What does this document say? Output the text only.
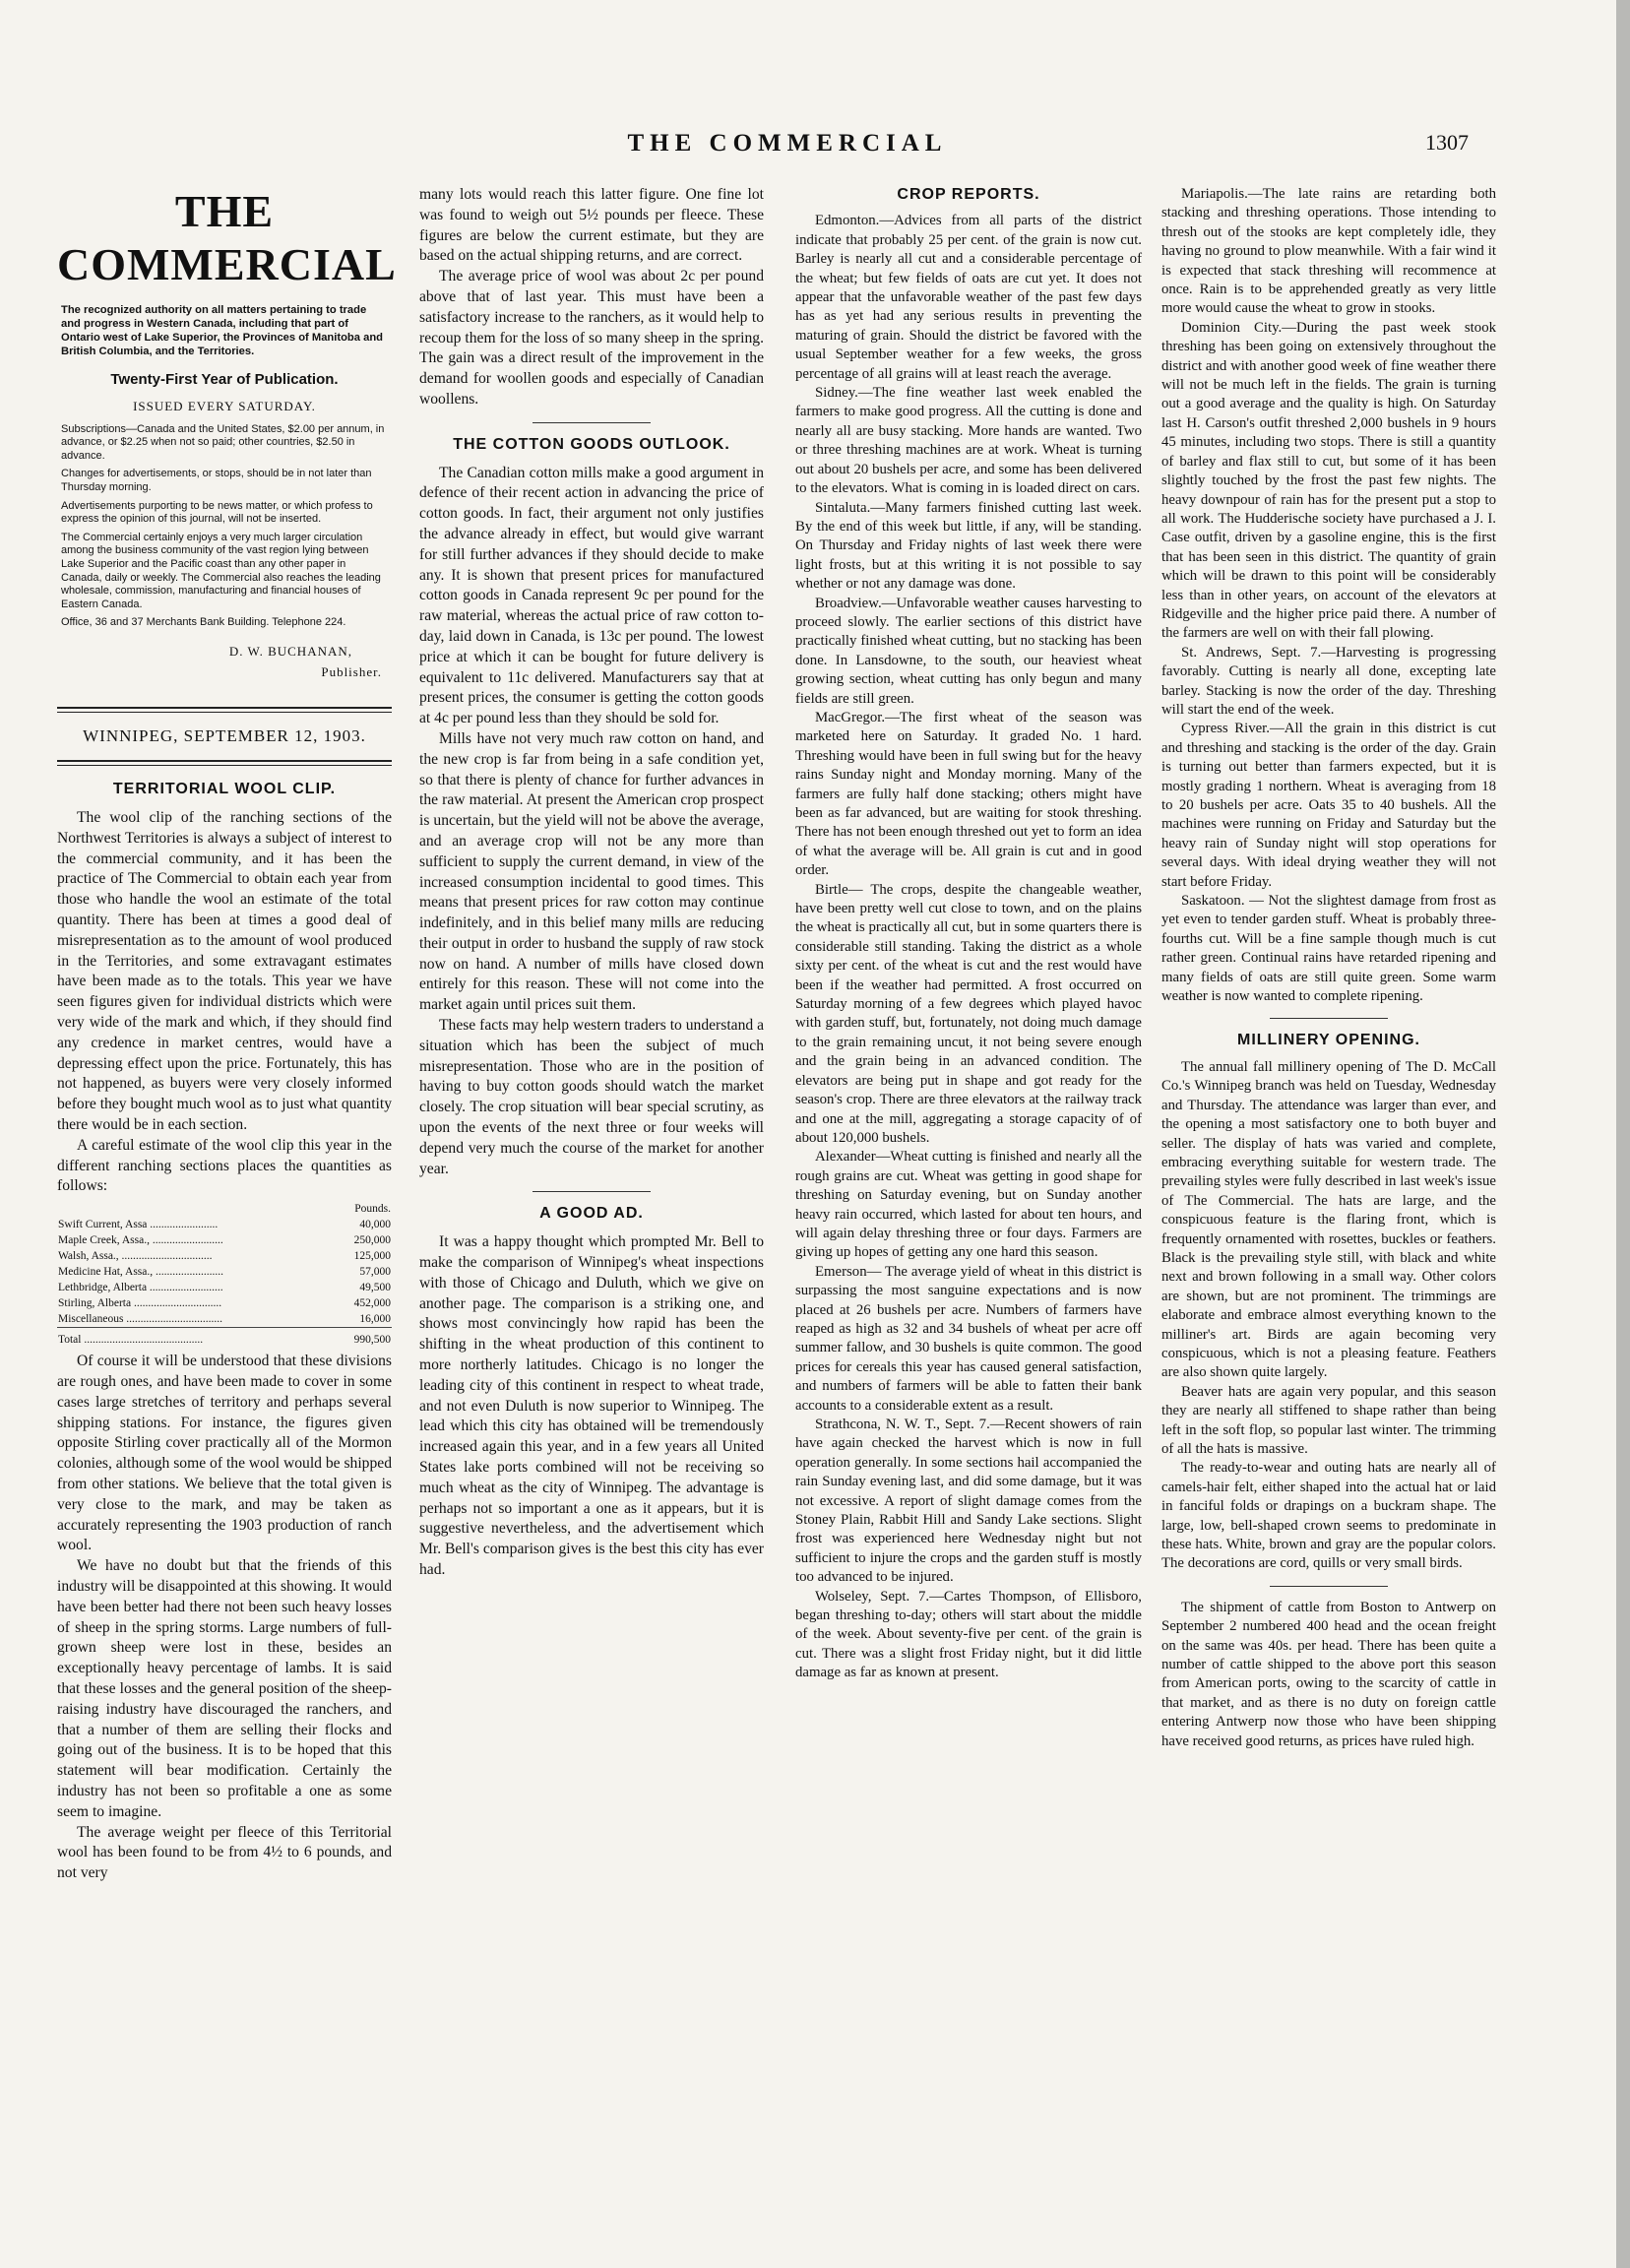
THE COMMERCIAL	1307
THE COMMERCIAL
The recognized authority on all matters pertaining to trade and progress in Western Canada, including that part of Ontario west of Lake Superior, the Provinces of Manitoba and British Columbia, and the Territories.
Twenty-First Year of Publication.
ISSUED EVERY SATURDAY.
Subscriptions—Canada and the United States, $2.00 per annum, in advance, or $2.25 when not so paid; other countries, $2.50 in advance.
Changes for advertisements, or stops, should be in not later than Thursday morning.
Advertisements purporting to be news matter, or which profess to express the opinion of this journal, will not be inserted.
The Commercial certainly enjoys a very much larger circulation among the business community of the vast region lying between Lake Superior and the Pacific coast than any other paper in Canada, daily or weekly. The Commercial also reaches the leading wholesale, commission, manufacturing and financial houses of Eastern Canada.
Office, 36 and 37 Merchants Bank Building. Telephone 224.
D. W. BUCHANAN,
Publisher.
WINNIPEG, SEPTEMBER 12, 1903.
TERRITORIAL WOOL CLIP.

The wool clip of the ranching sections of the Northwest Territories is always a subject of interest to the commercial community, and it has been the practice of The Commercial to obtain each year from those who handle the wool an estimate of the total quantity. There has been at times a good deal of misrepresentation as to the amount of wool produced in the Territories, and some extravagant estimates have been made as to the totals. This year we have seen figures given for individual districts which were very wide of the mark and which, if they should find any credence in market centres, would have a depressing effect upon the price. Fortunately, this has not happened, as buyers were very closely informed before they bought much wool as to just what quantity there would be in each section.

A careful estimate of the wool clip this year in the different ranching sections places the quantities as follows:

	Pounds.
Swift Current, Assa ........................	40,000
Maple Creek, Assa., .........................	250,000
Walsh, Assa., ................................	125,000
Medicine Hat, Assa., ........................	57,000
Lethbridge, Alberta ..........................	49,500
Stirling, Alberta ...............................	452,000
Miscellaneous ..................................	16,000
Total ..........................................	990,500

Of course it will be understood that these divisions are rough ones, and have been made to cover in some cases large stretches of territory and perhaps several shipping stations. For instance, the figures given opposite Stirling cover practically all of the Mormon colonies, although some of the wool would be shipped from other stations. We believe that the total given is very close to the mark, and may be taken as accurately representing the 1903 production of ranch wool.

We have no doubt but that the friends of this industry will be disappointed at this showing. It would have been better had there not been such heavy losses of sheep in the spring storms. Large numbers of full-grown sheep were lost in these, besides an exceptionally heavy percentage of lambs. It is said that these losses and the general position of the sheep-raising industry have discouraged the ranchers, and that a number of them are selling their flocks and going out of the business. It is to be hoped that this statement will bear modification. Certainly the industry has not been so profitable a one as some seem to imagine.

The average weight per fleece of this Territorial wool has been found to be from 4½ to 6 pounds, and not very

many lots would reach this latter figure. One fine lot was found to weigh out 5½ pounds per fleece. These figures are below the current estimate, but they are based on the actual shipping returns, and are correct.

The average price of wool was about 2c per pound above that of last year. This must have been a satisfactory increase to the ranchers, as it would help to recoup them for the loss of so many sheep in the spring. The gain was a direct result of the improvement in the demand for woollen goods and especially of Canadian woollens.

THE COTTON GOODS OUTLOOK.

The Canadian cotton mills make a good argument in defence of their recent action in advancing the price of cotton goods. In fact, their argument not only justifies the advance already in effect, but would give warrant for still further advances if they should decide to make any. It is shown that present prices for manufactured cotton goods in Canada represent 9c per pound for the raw material, whereas the actual price of raw cotton to-day, laid down in Canada, is 13c per pound. The lowest price at which it can be bought for future delivery is equivalent to 11c delivered. Manufacturers say that at present prices, the consumer is getting the cotton goods at 4c per pound less than they should be sold for.

Mills have not very much raw cotton on hand, and the new crop is far from being in a safe condition yet, so that there is plenty of chance for further advances in the raw material. At present the American crop prospect is uncertain, but the yield will not be above the average, and an average crop will not be any more than sufficient to supply the current demand, in view of the increased consumption incidental to good times. This means that present prices for raw cotton may continue indefinitely, and in this belief many mills are reducing their output in order to husband the supply of raw stock now on hand. A number of mills have closed down entirely for this reason. These will not come into the market again until prices suit them.

These facts may help western traders to understand a situation which has been the subject of much misrepresentation. Those who are in the position of having to buy cotton goods should watch the market closely. The crop situation will bear special scrutiny, as upon the events of the next three or four weeks will depend very much the course of the market for another year.

A GOOD AD.

It was a happy thought which prompted Mr. Bell to make the comparison of Winnipeg's wheat inspections with those of Chicago and Duluth, which we give on another page. The comparison is a striking one, and shows most convincingly how rapid has been the shifting in the wheat production of this continent to more northerly latitudes. Chicago is no longer the leading city of this continent in respect to wheat trade, and not even Duluth is now superior to Winnipeg. The lead which this city has obtained will be tremendously increased again this year, and in a few years all United States lake ports combined will not be receiving so much wheat as the city of Winnipeg. The advantage is perhaps not so important a one as it appears, but it is suggestive nevertheless, and the advertisement which Mr. Bell's comparison gives is the best this city has ever had.

CROP REPORTS.

Edmonton.—Advices from all parts of the district indicate that probably 25 per cent. of the grain is now cut. Barley is nearly all cut and a considerable percentage of the wheat; but few fields of oats are cut yet. It does not appear that the unfavorable weather of the past few days has as yet had any serious results in preventing the maturing of grain. Should the district be favored with the usual September weather for a few weeks, the gross percentage of all grains will at least reach the average.

Sidney.—The fine weather last week enabled the farmers to make good progress. All the cutting is done and nearly all are busy stacking. More hands are wanted. Two or three threshing machines are at work. Wheat is turning out about 20 bushels per acre, and some has been delivered to the elevators. What is coming in is loaded direct on cars.

Sintaluta.—Many farmers finished cutting last week. By the end of this week but little, if any, will be standing. On Thursday and Friday nights of last week there were light frosts, but at this writing it is not possible to say whether or not any damage was done.

Broadview.—Unfavorable weather causes harvesting to proceed slowly. The earlier sections of this district have practically finished wheat cutting, but no stacking has been done. In Lansdowne, to the south, our heaviest wheat growing section, wheat cutting has only begun and many fields are still green.

MacGregor.—The first wheat of the season was marketed here on Saturday. It graded No. 1 hard. Threshing would have been in full swing but for the heavy rains Sunday night and Monday morning. Many of the farmers are fully half done stacking; others might have been as far advanced, but are waiting for stook threshing. There has not been enough threshed out yet to form an idea of what the average will be. All grain is cut and in good order.

Birtle— The crops, despite the changeable weather, have been pretty well cut close to town, and on the plains the wheat is practically all cut, but in some quarters there is considerable still standing. Taking the district as a whole sixty per cent. of the wheat is cut and the rest would have been if the weather had permitted. A frost occurred on Saturday morning of a few degrees which played havoc with garden stuff, but, fortunately, not doing much damage to the grain remaining uncut, it not being severe enough and the grain being in an advanced condition. The elevators are being put in shape and got ready for the season's crop. There are three elevators at the railway track and one at the mill, aggregating a storage capacity of of about 120,000 bushels.

Alexander—Wheat cutting is finished and nearly all the rough grains are cut. Wheat was getting in good shape for threshing on Saturday evening, but on Sunday another heavy rain occurred, which lasted for about ten hours, and will again delay threshing three or four days. Farmers are giving up hopes of getting any one hard this season.

Emerson— The average yield of wheat in this district is surpassing the most sanguine expectations and is now placed at 26 bushels per acre. Numbers of farmers have reaped as high as 32 and 34 bushels of wheat per acre off summer fallow, and 30 bushels is quite common. The good prices for cereals this year has caused general satisfaction, and numbers of farmers will be able to fatten their bank accounts to a considerable extent as a result.

Strathcona, N. W. T., Sept. 7.—Recent showers of rain have again checked the harvest which is now in full operation generally. In some sections hail accompanied the rain Sunday evening last, and did some damage, but it was not excessive. A report of slight damage comes from the Stoney Plain, Rabbit Hill and Sandy Lake sections. Slight frost was experienced here Wednesday night but not sufficient to injure the crops and the garden stuff is mostly too advanced to be injured.

Wolseley, Sept. 7.—Cartes Thompson, of Ellisboro, began threshing to-day; others will start about the middle of the week. About seventy-five per cent. of the grain is cut. There was a slight frost Friday night, but it did little damage as far as known at present.

Mariapolis.—The late rains are retarding both stacking and threshing operations. Those intending to thresh out of the stooks are kept completely idle, they having no ground to plow meanwhile. With a fair wind it is expected that stack threshing will recommence at once. Rain is to be apprehended greatly as very little more would cause the wheat to grow in stooks.

Dominion City.—During the past week stook threshing has been going on extensively throughout the district and with another good week of fine weather there will not be much left in the fields. The grain is turning out a good average and the quality is high. On Saturday last H. Carson's outfit threshed 2,000 bushels in 9 hours 45 minutes, including two stops. There is still a quantity of barley and flax still to cut, but some of it has been slightly touched by the frost the past few nights. The heavy downpour of rain has for the present put a stop to all work. The Hudderische society have purchased a J. I. Case outfit, driven by a gasoline engine, this is the first that has been seen in this district. The quantity of grain which will be drawn to this point will be considerably less than in other years, on account of the elevators at Ridgeville and the higher price paid there. A number of the farmers are well on with their fall plowing.

St. Andrews, Sept. 7.—Harvesting is progressing favorably. Cutting is nearly all done, excepting late barley. Stacking is now the order of the day. Threshing will start the end of the week.

Cypress River.—All the grain in this district is cut and threshing and stacking is the order of the day. Grain is turning out better than farmers expected, but it is mostly grading 1 northern. Wheat is averaging from 18 to 20 bushels per acre. Oats 35 to 40 bushels. All the machines were running on Friday and Saturday but the heavy rain of Sunday night will stop operations for several days. With ideal drying weather they will not start before Friday.

Saskatoon. — Not the slightest damage from frost as yet even to tender garden stuff. Wheat is probably three-fourths cut. Will be a fine sample though much is cut rather green. Continual rains have retarded ripening and many fields of oats are still quite green. Some warm weather is now wanted to complete ripening.

MILLINERY OPENING.

The annual fall millinery opening of The D. McCall Co.'s Winnipeg branch was held on Tuesday, Wednesday and Thursday. The attendance was larger than ever, and the opening a most satisfactory one to both buyer and seller. The display of hats was varied and complete, embracing everything suitable for western trade. The prevailing styles were fully described in last week's issue of The Commercial. The hats are large, and the conspicuous feature is the flaring front, which is frequently ornamented with rosettes, buckles or feathers. Black is the prevailing style still, with black and white next and brown following in a small way. Other colors are shown, but are not prominent. The trimmings are elaborate and embrace almost everything known to the milliner's art. Birds are again becoming very conspicuous, which is not a pleasing feature. Feathers are also shown quite largely.

Beaver hats are again very popular, and this season they are nearly all stiffened to shape rather than being left in the soft flop, so popular last winter. The trimming of all the hats is massive.

The ready-to-wear and outing hats are nearly all of camels-hair felt, either shaped into the actual hat or laid in fanciful folds or drapings on a buckram shape. The large, low, bell-shaped crown seems to predominate in these hats. White, brown and gray are the popular colors. The decorations are cord, quills or very small birds.

The shipment of cattle from Boston to Antwerp on September 2 numbered 400 head and the ocean freight on the same was 40s. per head. There has been quite a number of cattle shipped to the above port this season from American ports, owing to the scarcity of cattle in that market, and as there is no duty on foreign cattle entering Antwerp now those who have been shipping have received good returns, as prices have ruled high.
